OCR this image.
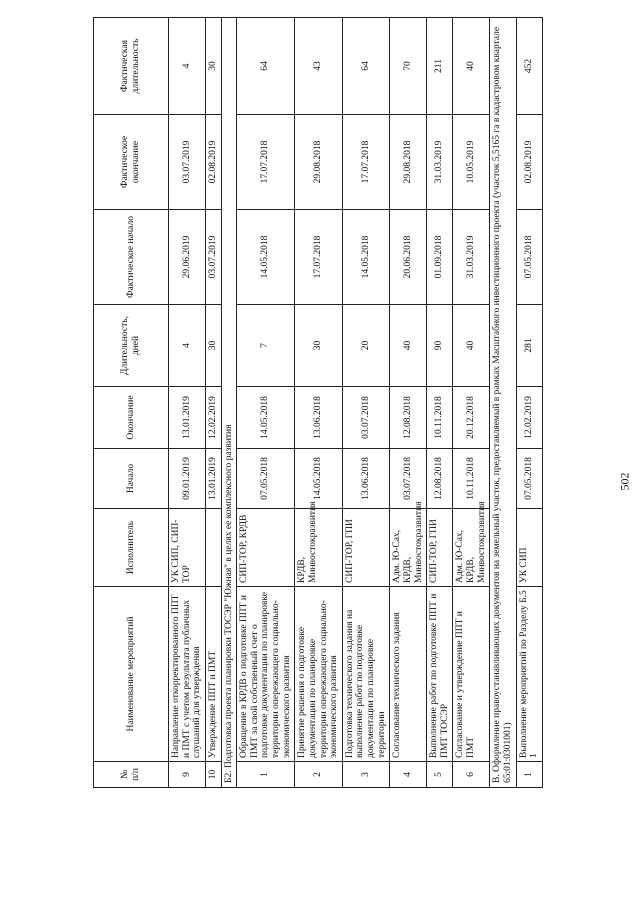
№ п/п	Наименование мероприятий	Исполнитель	Начало	Окончание	Длительность, дней	Фактическое начало	Фактическое окончание	Фактическая длительность
9	Направление откорректированного ППТ и ПМТ с учетом результата публичных слушаний для утверждения	УК СИП, СИП-ТОР	09.01.2019	13.01.2019	4	29.06.2019	03.07.2019	4
10	Утверждение ППТ и ПМТ		13.01.2019	12.02.2019	30	03.07.2019	02.08.2019	30
Б2. Подготовка проекта планировки ТОСЭР "Южная" в целях ее комплексного развития								
1	Обращение в КРДВ о подготовке ППТ и ПМТ за свой собственный счет о подготовке документации по планировке территории опережающего социально-экономического развития	СИП-ТОР, КРДВ	07.05.2018	14.05.2018	7	14.05.2018	17.07.2018	64
2	Принятие решения о подготовке документации по планировке территории опережающего социально-экономического развития	КРДВ, Минвостокразвития	14.05.2018	13.06.2018	30	17.07.2018	29.08.2018	43
3	Подготовка технического задания на выполнение работ по подготовке документации по планировке территории	СИП-ТОР, ГПИ	13.06.2018	03.07.2018	20	14.05.2018	17.07.2018	64
4	Согласование технического задания	Адм. Ю-Сах, КРДВ, Минвостокразвития	03.07.2018	12.08.2018	40	20.06.2018	29.08.2018	70
5	Выполнение работ по подготовке ППТ и ПМТ ТОСЭР	СИП-ТОР, ГПИ	12.08.2018	10.11.2018	90	01.09.2018	31.03.2019	211
6	Согласование и утверждение ППТ и ПМТ	Адм. Ю-Сах, КРДВ, Минвостокразвития	10.11.2018	20.12.2018	40	31.03.2019	10.05.2019	40
В. Оформление правоустанавливающих документов на земельный участок, предоставляемый в рамках Масштабного инвестиционного проекта (участок 5,5165 га в кадастровом квартале 65:01:0301001)								
1	Выполнение мероприятий по Разделу Б.5 1	УК СИП	07.05.2018	12.02.2019	281	07.05.2018	02.08.2019	452
502
